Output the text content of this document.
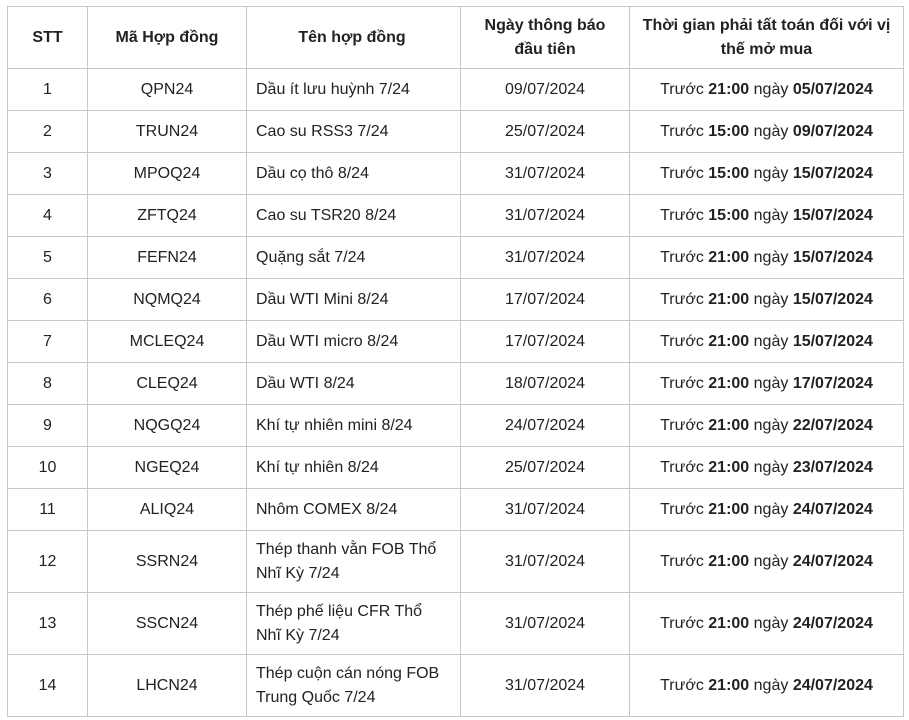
STT	Mã Hợp đồng	Tên hợp đồng	Ngày thông báo đầu tiên	Thời gian phải tất toán đối với vị thế mở mua
1	QPN24	Dầu ít lưu huỳnh 7/24	09/07/2024	Trước 21:00 ngày 05/07/2024
2	TRUN24	Cao su RSS3 7/24	25/07/2024	Trước 15:00 ngày 09/07/2024
3	MPOQ24	Dầu cọ thô 8/24	31/07/2024	Trước 15:00 ngày 15/07/2024
4	ZFTQ24	Cao su TSR20 8/24	31/07/2024	Trước 15:00 ngày 15/07/2024
5	FEFN24	Quặng sắt 7/24	31/07/2024	Trước 21:00 ngày 15/07/2024
6	NQMQ24	Dầu WTI Mini 8/24	17/07/2024	Trước 21:00 ngày 15/07/2024
7	MCLEQ24	Dầu WTI micro 8/24	17/07/2024	Trước 21:00 ngày 15/07/2024
8	CLEQ24	Dầu WTI 8/24	18/07/2024	Trước 21:00 ngày 17/07/2024
9	NQGQ24	Khí tự nhiên mini 8/24	24/07/2024	Trước 21:00 ngày 22/07/2024
10	NGEQ24	Khí tự nhiên 8/24	25/07/2024	Trước 21:00 ngày 23/07/2024
11	ALIQ24	Nhôm COMEX 8/24	31/07/2024	Trước 21:00 ngày 24/07/2024
12	SSRN24	Thép thanh vằn FOB Thổ Nhĩ Kỳ 7/24	31/07/2024	Trước 21:00 ngày 24/07/2024
13	SSCN24	Thép phế liệu CFR Thổ Nhĩ Kỳ 7/24	31/07/2024	Trước 21:00 ngày 24/07/2024
14	LHCN24	Thép cuộn cán nóng FOB Trung Quốc 7/24	31/07/2024	Trước 21:00 ngày 24/07/2024
